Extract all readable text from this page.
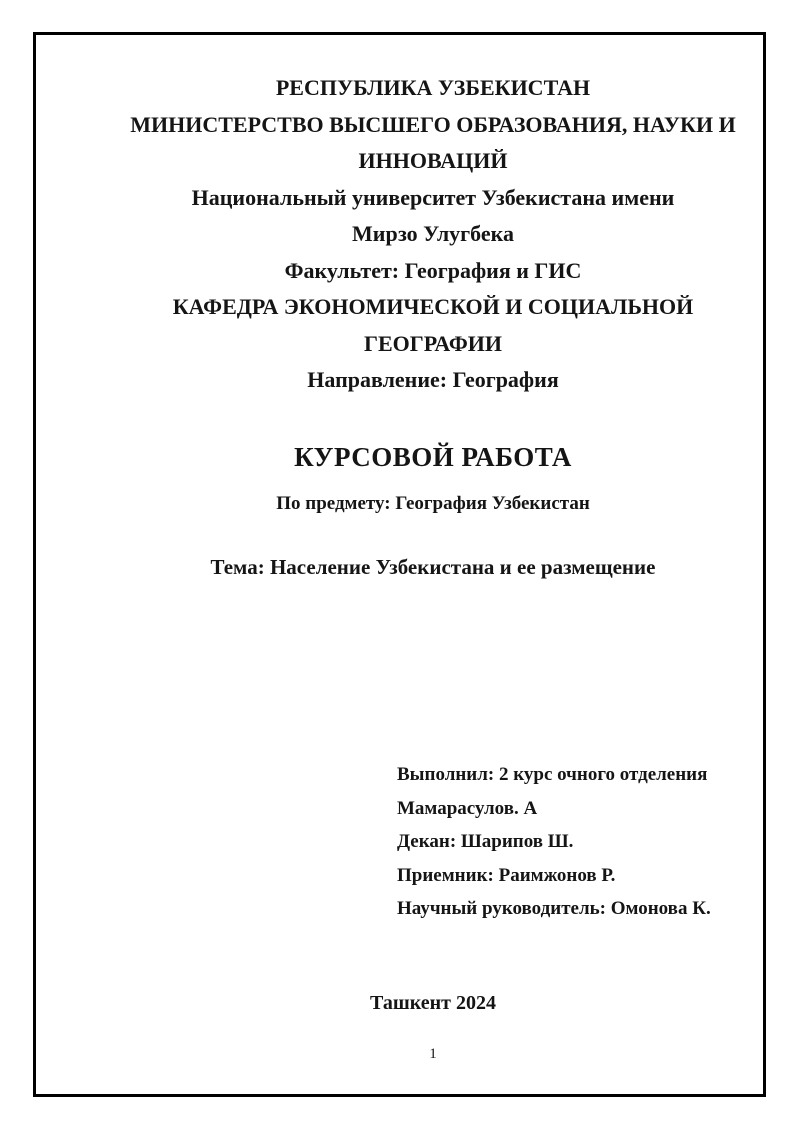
РЕСПУБЛИКА УЗБЕКИСТАН
МИНИСТЕРСТВО ВЫСШЕГО ОБРАЗОВАНИЯ, НАУКИ И
ИННОВАЦИЙ
Национальный университет Узбекистана имени
Мирзо Улугбека
Факультет: География и ГИС
КАФЕДРА ЭКОНОМИЧЕСКОЙ И СОЦИАЛЬНОЙ
ГЕОГРАФИИ
Направление: География
КУРСОВОЙ РАБОТА
По предмету: География Узбекистан
Тема: Население Узбекистана и ее размещение
Выполнил: 2 курс очного отделения
Мамарасулов. А
Декан: Шарипов Ш.
Приемник: Раимжонов Р.
Научный руководитель: Омонова К.
Ташкент 2024
1
